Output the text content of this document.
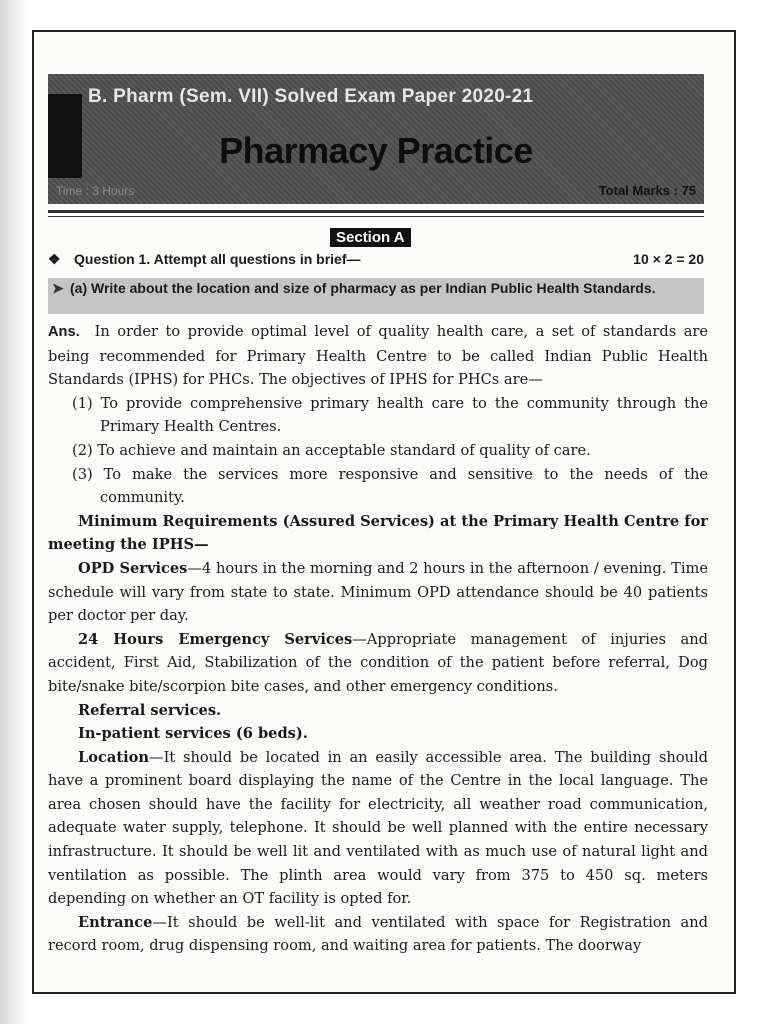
B. Pharm (Sem. VII) Solved Exam Paper 2020-21
Pharmacy Practice
Time : 3 Hours	Total Marks : 75
Section A
❖ Question 1. Attempt all questions in brief—	10 × 2 = 20
➤ (a) Write about the location and size of pharmacy as per Indian Public Health Standards.

Ans. In order to provide optimal level of quality health care, a set of standards are being recommended for Primary Health Centre to be called Indian Public Health Standards (IPHS) for PHCs. The objectives of IPHS for PHCs are—

(1) To provide comprehensive primary health care to the community through the Primary Health Centres.

(2) To achieve and maintain an acceptable standard of quality of care.

(3) To make the services more responsive and sensitive to the needs of the community.

Minimum Requirements (Assured Services) at the Primary Health Centre for meeting the IPHS—

OPD Services—4 hours in the morning and 2 hours in the afternoon / evening. Time schedule will vary from state to state. Minimum OPD attendance should be 40 patients per doctor per day.

24 Hours Emergency Services—Appropriate management of injuries and accident, First Aid, Stabilization of the condition of the patient before referral, Dog bite/snake bite/scorpion bite cases, and other emergency conditions.

Referral services.

In-patient services (6 beds).

Location—It should be located in an easily accessible area. The building should have a prominent board displaying the name of the Centre in the local language. The area chosen should have the facility for electricity, all weather road communication, adequate water supply, telephone. It should be well planned with the entire necessary infrastructure. It should be well lit and ventilated with as much use of natural light and ventilation as possible. The plinth area would vary from 375 to 450 sq. meters depending on whether an OT facility is opted for.

Entrance—It should be well-lit and ventilated with space for Registration and record room, drug dispensing room, and waiting area for patients. The doorway
